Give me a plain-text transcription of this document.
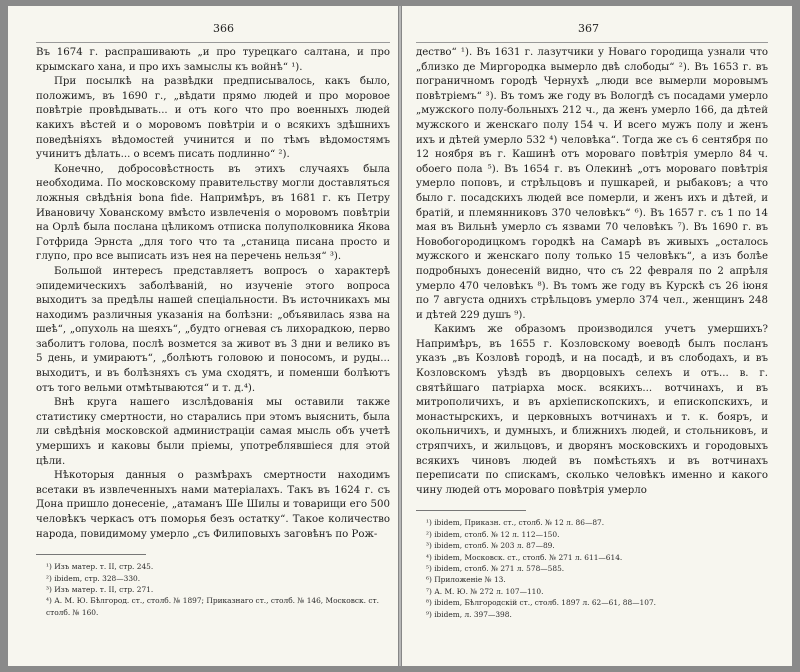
366

Въ 1674 г. распрашивають „и про турецкаго салтана, и про крымскаго хана, и про ихъ замыслы къ войнѣ“ ¹).

При посылкѣ на развѣдки предписывалось, какъ было, положимъ, въ 1690 г., „вѣдати прямо людей и про моровое повѣтріе провѣдывать... и отъ кого что про военныхъ людей какихъ вѣстей и о моровомъ повѣтріи и о всякихъ здѣшнихъ поведѣніяхъ вѣдомостей учинится и по тѣмъ вѣдомостямъ учинитъ дѣлать... о всемъ писать подлинно“ ²).

Конечно, добросовѣстность въ этихъ случаяхъ была необходима. По московскому правительству могли доставляться ложныя свѣдѣнія bona fide. Напримѣръ, въ 1681 г. къ Петру Ивановичу Хованскому вмѣсто извлеченія о моровомъ повѣтріи на Орлѣ была послана цѣликомъ отписка полуполковника Якова Готфрида Эрнста „для того что та „станица писана просто и глупо, про все выписать изъ нея на перечень нельзя“ ³).

Большой интересъ представляетъ вопросъ о характерѣ эпидемическихъ заболѣваній, но изученіе этого вопроса выходитъ за предѣлы нашей спеціальности. Въ источникахъ мы находимъ различныя указанія на болѣзни: „объявилась язва на шеѣ“, „опухоль на шеяхъ“, „будто огневая съ лихорадкою, перво заболитъ голова, послѣ возмется за живот въ 3 дни и велико въ 5 день, и умираютъ“, „болѣютъ головою и поносомъ, и руды... выходитъ, и въ болѣзняхъ съ ума сходятъ, и поменши болѣютъ отъ того вельми отмѣтываются“ и т. д.⁴).

Внѣ круга нашего изслѣдованія мы оставили также статистику смертности, но старались при этомъ выяснить, была ли свѣдѣнія московской администраціи самая мысль объ учетѣ умершихъ и каковы были пріемы, употреблявшіеся для этой цѣли.

Нѣкоторыя данныя о размѣрахъ смертности находимъ всетаки въ извлеченныхъ нами матеріалахъ. Такъ въ 1624 г. съ Дона пришло донесеніе, „атаманъ Ше Шилы и товарищи его 500 человѣкъ черкасъ отъ поморья безъ остатку“. Такое количество народа, повидимому умерло „съ Филиповыхъ заговѣнъ по Рож-

¹) Изъ матер. т. II, стр. 245.
²) ibidem, стр. 328—330.
³) Изъ матер. т. II, стр. 271.
⁴) А. М. Ю. Бѣлгород. ст., столб. № 1897; Приказнаго ст., столб. № 146, Московск. ст. столб. № 160.
367

дество“ ¹). Въ 1631 г. лазутчики у Новаго городища узнали что „близко де Миргородка вымерло двѣ слободы“ ²). Въ 1653 г. въ пограничномъ городѣ Чернухѣ „люди все вымерли моровымъ повѣтріемъ“ ³). Въ томъ же году въ Вологдѣ съ посадами умерло „мужского полу-больныхъ 212 ч., да женъ умерло 166, да дѣтей мужского и женскаго полу 154 ч. И всего мужъ полу и женъ ихъ и дѣтей умерло 532 ⁴) человѣка“. Тогда же съ 6 сентября по 12 ноября въ г. Кашинѣ отъ мороваго повѣтрія умерло 84 ч. обоего пола ⁵). Въ 1654 г. въ Олекинѣ „отъ мороваго повѣтрія умерло поповъ, и стрѣльцовъ и пушкарей, и рыбаковъ; а что было г. посадскихъ людей все померли, и женъ ихъ и дѣтей, и братій, и племянниковъ 370 человѣкъ“ ⁶). Въ 1657 г. съ 1 по 14 мая въ Вильнѣ умерло съ язвами 70 человѣкъ ⁷). Въ 1690 г. въ Новобогородицкомъ городкѣ на Самарѣ въ живыхъ „осталось мужского и женскаго полу только 15 человѣкъ“, а изъ болѣе подробныхъ донесеній видно, что съ 22 февраля по 2 апрѣля умерло 470 человѣкъ ⁸). Въ томъ же году въ Курскѣ съ 26 іюня по 7 августа однихъ стрѣльцовъ умерло 374 чел., женщинъ 248 и дѣтей 229 душъ ⁹).

Какимъ же образомъ производился учетъ умершихъ? Напримѣръ, въ 1655 г. Козловскому воеводѣ былъ посланъ указъ „въ Козловѣ городѣ, и на посадѣ, и въ слободахъ, и въ Козловскомъ уѣздѣ въ дворцовыхъ селехъ и отъ... в. г. святѣйшаго патріарха моск. всякихъ... вотчинахъ, и въ митрополичихъ, и въ архіепископскихъ, и епископскихъ, и монастырскихъ, и церковныхъ вотчинахъ и т. к. бояръ, и окольничихъ, и думныхъ, и ближнихъ людей, и стольниковъ, и стряпчихъ, и жильцовъ, и дворянъ московскихъ и городовыхъ всякихъ чиновъ людей въ помѣстьяхъ и въ вотчинахъ переписати по спискамъ, сколько человѣкъ именно и какого чину людей отъ мороваго повѣтрія умерло

¹) ibidem, Приказн. ст., столб. № 12 л. 86—87.
²) ibidem, столб. № 12 л. 112—150.
³) ibidem, столб. № 203 л. 87—89.
⁴) ibidem, Московск. ст., столб. № 271 л. 611—614.
⁵) ibidem, столб. № 271 л. 578—585.
⁶) Приложеніе № 13.
⁷) А. М. Ю. № 272 л. 107—110.
⁸) ibidem, Бѣлгородскій ст., столб. 1897 л. 62—61, 88—107.
⁹) ibidem, л. 397—398.
